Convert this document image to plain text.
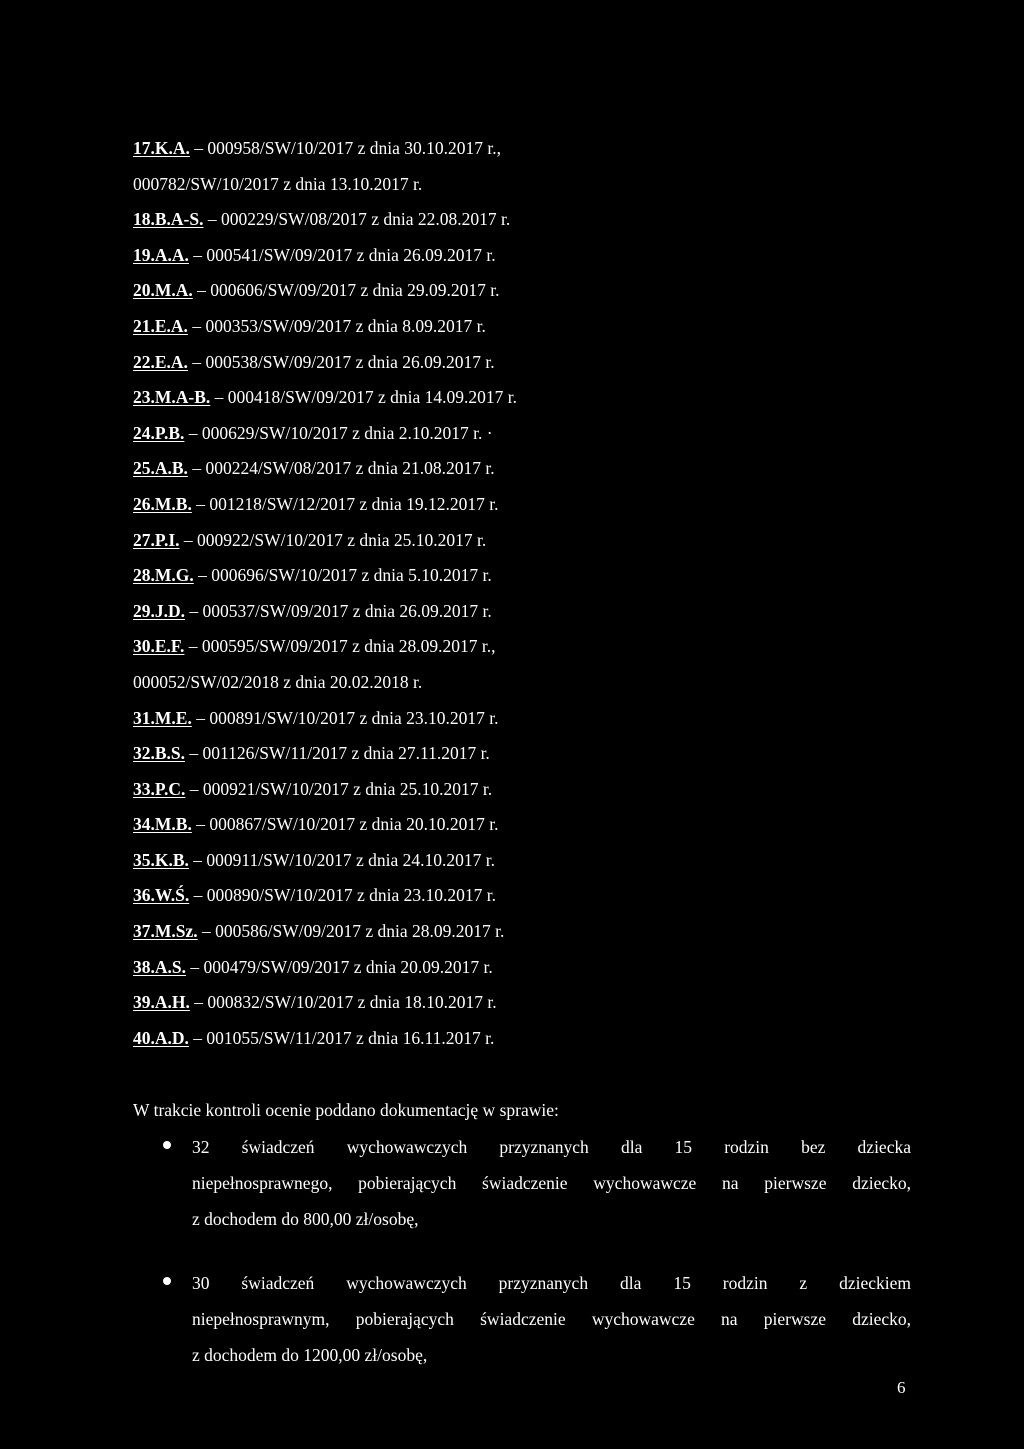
17.K.A. – 000958/SW/10/2017 z dnia 30.10.2017 r.,
000782/SW/10/2017 z dnia 13.10.2017 r.
18.B.A-S. – 000229/SW/08/2017 z dnia 22.08.2017 r.
19.A.A. – 000541/SW/09/2017 z dnia 26.09.2017 r.
20.M.A. – 000606/SW/09/2017 z dnia 29.09.2017 r.
21.E.A. – 000353/SW/09/2017 z dnia 8.09.2017 r.
22.E.A. – 000538/SW/09/2017 z dnia 26.09.2017 r.
23.M.A-B. – 000418/SW/09/2017 z dnia 14.09.2017 r.
24.P.B. – 000629/SW/10/2017 z dnia 2.10.2017 r. ·
25.A.B. – 000224/SW/08/2017 z dnia 21.08.2017 r.
26.M.B. – 001218/SW/12/2017 z dnia 19.12.2017 r.
27.P.I. – 000922/SW/10/2017 z dnia 25.10.2017 r.
28.M.G. – 000696/SW/10/2017 z dnia 5.10.2017 r.
29.J.D. – 000537/SW/09/2017 z dnia 26.09.2017 r.
30.E.F. – 000595/SW/09/2017 z dnia 28.09.2017 r.,
000052/SW/02/2018 z dnia 20.02.2018 r.
31.M.E. – 000891/SW/10/2017 z dnia 23.10.2017 r.
32.B.S. – 001126/SW/11/2017 z dnia 27.11.2017 r.
33.P.C. – 000921/SW/10/2017 z dnia 25.10.2017 r.
34.M.B. – 000867/SW/10/2017 z dnia 20.10.2017 r.
35.K.B. – 000911/SW/10/2017 z dnia 24.10.2017 r.
36.W.Ś. – 000890/SW/10/2017 z dnia 23.10.2017 r.
37.M.Sz. – 000586/SW/09/2017 z dnia 28.09.2017 r.
38.A.S. – 000479/SW/09/2017 z dnia 20.09.2017 r.
39.A.H. – 000832/SW/10/2017 z dnia 18.10.2017 r.
40.A.D. – 001055/SW/11/2017 z dnia 16.11.2017 r.
W trakcie kontroli ocenie poddano dokumentację w sprawie:
32 świadczeń wychowawczych przyznanych dla 15 rodzin bez dziecka
niepełnosprawnego, pobierających świadczenie wychowawcze na pierwsze dziecko,
z dochodem do 800,00 zł/osobę,
30 świadczeń wychowawczych przyznanych dla 15 rodzin z dzieckiem
niepełnosprawnym, pobierających świadczenie wychowawcze na pierwsze dziecko,
z dochodem do 1200,00 zł/osobę,
6
